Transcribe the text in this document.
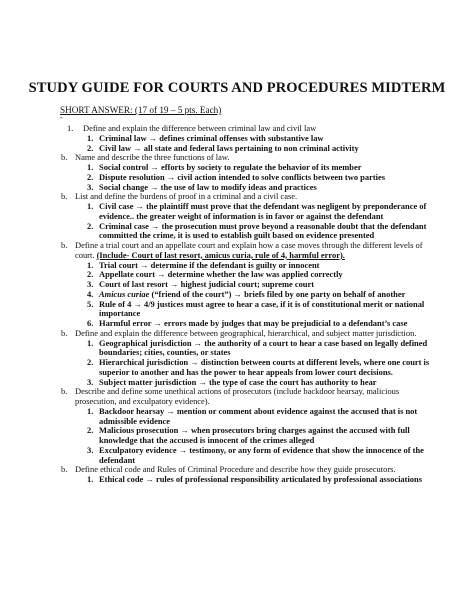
STUDY GUIDE FOR COURTS AND PROCEDURES MIDTERM
SHORT ANSWER: (17 of 19 – 5 pts. Each)
-
1. Define and explain the difference between criminal law and civil law
1. Criminal law → defines criminal offenses with substantive law
2. Civil law → all state and federal laws pertaining to non criminal activity
b. Name and describe the three functions of law.
1. Social control → efforts by society to regulate the behavior of its member
2. Dispute resolution → civil action intended to solve conflicts between two parties
3. Social change → the use of law to modify ideas and practices
b. List and define the burdens of proof in a criminal and a civil case.
1. Civil case → the plaintiff must prove that the defendant was negligent by preponderance of evidence.. the greater weight of information is in favor or against the defendant
2. Criminal case → the prosecution must prove beyond a reasonable doubt that the defendant committed the crime, it is used to establish guilt based on evidence presented
b. Define a trial court and an appellate court and explain how a case moves through the different levels of court. (Include- Court of last resort, amicus curia, rule of 4, harmful error).
1. Trial court → determine if the defendant is guilty or innocent
2. Appellate court → determine whether the law was applied correctly
3. Court of last resort → highest judicial court; supreme court
4. Amicus curiae (“friend of the court”) → briefs filed by one party on behalf of another
5. Rule of 4 → 4/9 justices must agree to hear a case, if it is of constitutional merit or national importance
6. Harmful error → errors made by judges that may be prejudicial to a defendant’s case
b. Define and explain the difference between geographical, hierarchical, and subject matter jurisdiction.
1. Geographical jurisdiction → the authority of a court to hear a case based on legally defined boundaries; cities, counties, or states
2. Hierarchical jurisdiction → distinction between courts at different levels, where one court is superior to another and has the power to hear appeals from lower court decisions.
3. Subject matter jurisdiction → the type of case the court has authority to hear
b. Describe and define some unethical actions of prosecutors (include backdoor hearsay, malicious prosecution, and exculpatory evidence).
1. Backdoor hearsay → mention or comment about evidence against the accused that is not admissible evidence
2. Malicious prosecution → when prosecutors bring charges against the accused with full knowledge that the accused is innocent of the crimes alleged
3. Exculpatory evidence → testimony, or any form of evidence that show the innocence of the defendant
b. Define ethical code and Rules of Criminal Procedure and describe how they guide prosecutors.
1. Ethical code → rules of professional responsibility articulated by professional associations
